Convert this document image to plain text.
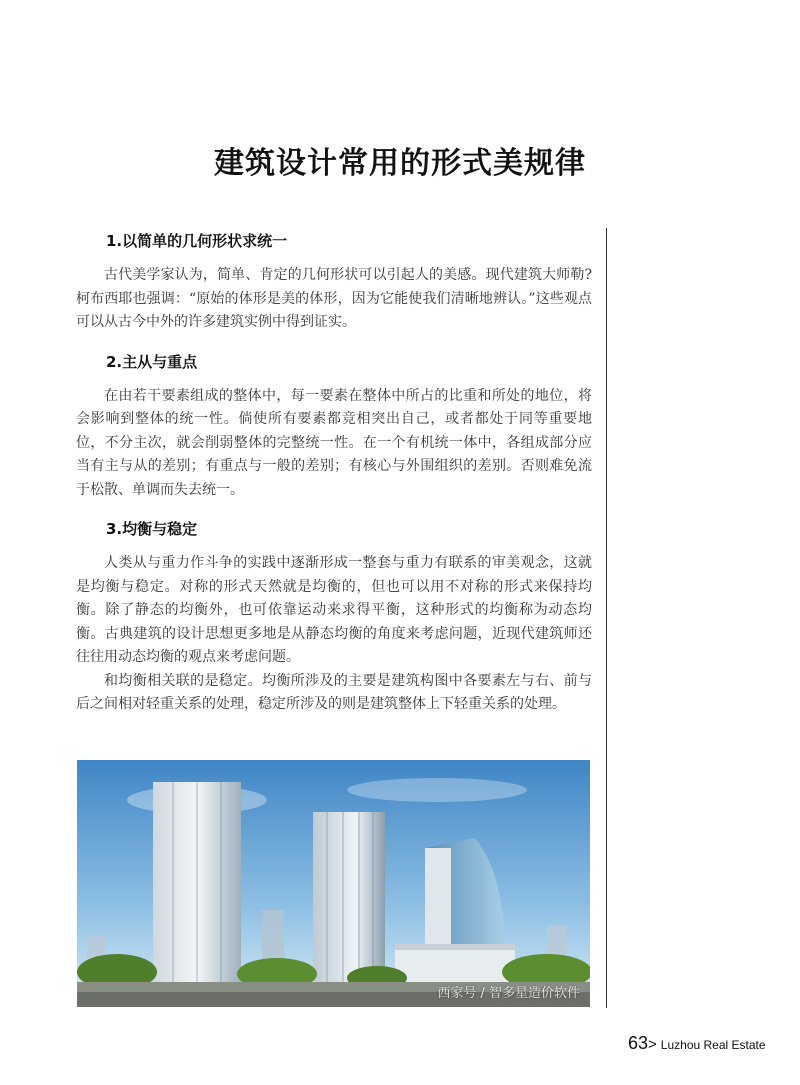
建筑设计常用的形式美规律
1.以简单的几何形状求统一

古代美学家认为，简单、肯定的几何形状可以引起人的美感。现代建筑大师勒?柯布西耶也强调：“原始的体形是美的体形，因为它能使我们清晰地辨认。”这些观点可以从古今中外的许多建筑实例中得到证实。

2.主从与重点

在由若干要素组成的整体中，每一要素在整体中所占的比重和所处的地位，将会影响到整体的统一性。倘使所有要素都竞相突出自己，或者都处于同等重要地位，不分主次，就会削弱整体的完整统一性。在一个有机统一体中，各组成部分应当有主与从的差别；有重点与一般的差别；有核心与外围组织的差别。否则难免流于松散、单调而失去统一。

3.均衡与稳定

人类从与重力作斗争的实践中逐渐形成一整套与重力有联系的审美观念，这就是均衡与稳定。对称的形式天然就是均衡的，但也可以用不对称的形式来保持均衡。除了静态的均衡外，也可依靠运动来求得平衡，这种形式的均衡称为动态均衡。古典建筑的设计思想更多地是从静态均衡的角度来考虑问题，近现代建筑师还往往用动态均衡的观点来考虑问题。

和均衡相关联的是稳定。均衡所涉及的主要是建筑构图中各要素左与右、前与后之间相对轻重关系的处理，稳定所涉及的则是建筑整体上下轻重关系的处理。

西家号 / 智多星造价软件
63> Luzhou Real Estate
